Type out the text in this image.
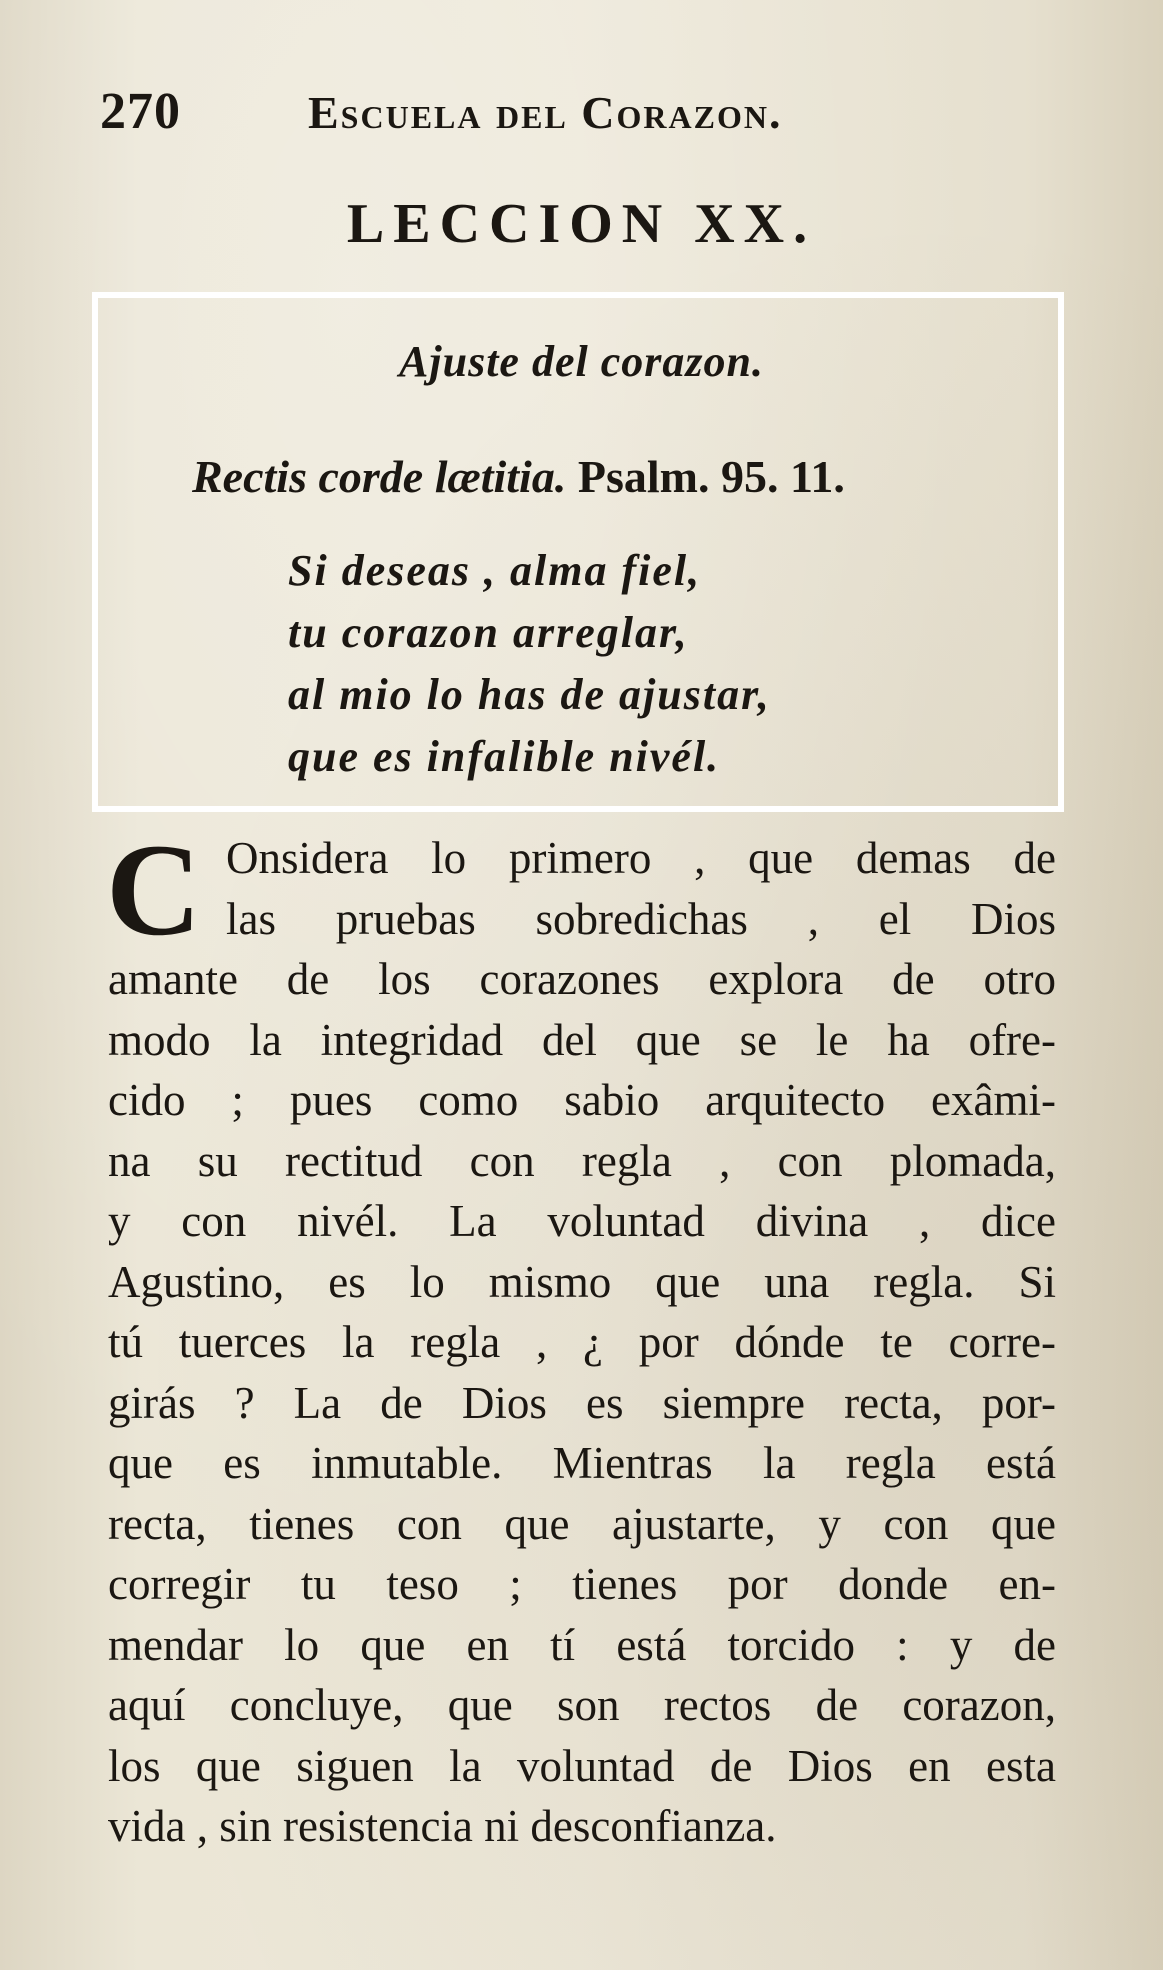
270	Escuela del Corazon.
LECCION XX.
Ajuste del corazon.
Rectis corde lætitia. Psalm. 95. 11.
Si deseas , alma fiel,
tu corazon arreglar,
al mio lo has de ajustar,
que es infalible nivél.
C Onsidera lo primero , que demas de
las pruebas sobredichas , el Dios
amante de los corazones explora de otro
modo la integridad del que se le ha ofre-
cido ; pues como sabio arquitecto exâmi-
na su rectitud con regla , con plomada,
y con nivél. La voluntad divina , dice
Agustino, es lo mismo que una regla. Si
tú tuerces la regla , ¿ por dónde te corre-
girás ? La de Dios es siempre recta, por-
que es inmutable. Mientras la regla está
recta, tienes con que ajustarte, y con que
corregir tu teso ; tienes por donde en-
mendar lo que en tí está torcido : y de
aquí concluye, que son rectos de corazon,
los que siguen la voluntad de Dios en esta
vida , sin resistencia ni desconfianza.
